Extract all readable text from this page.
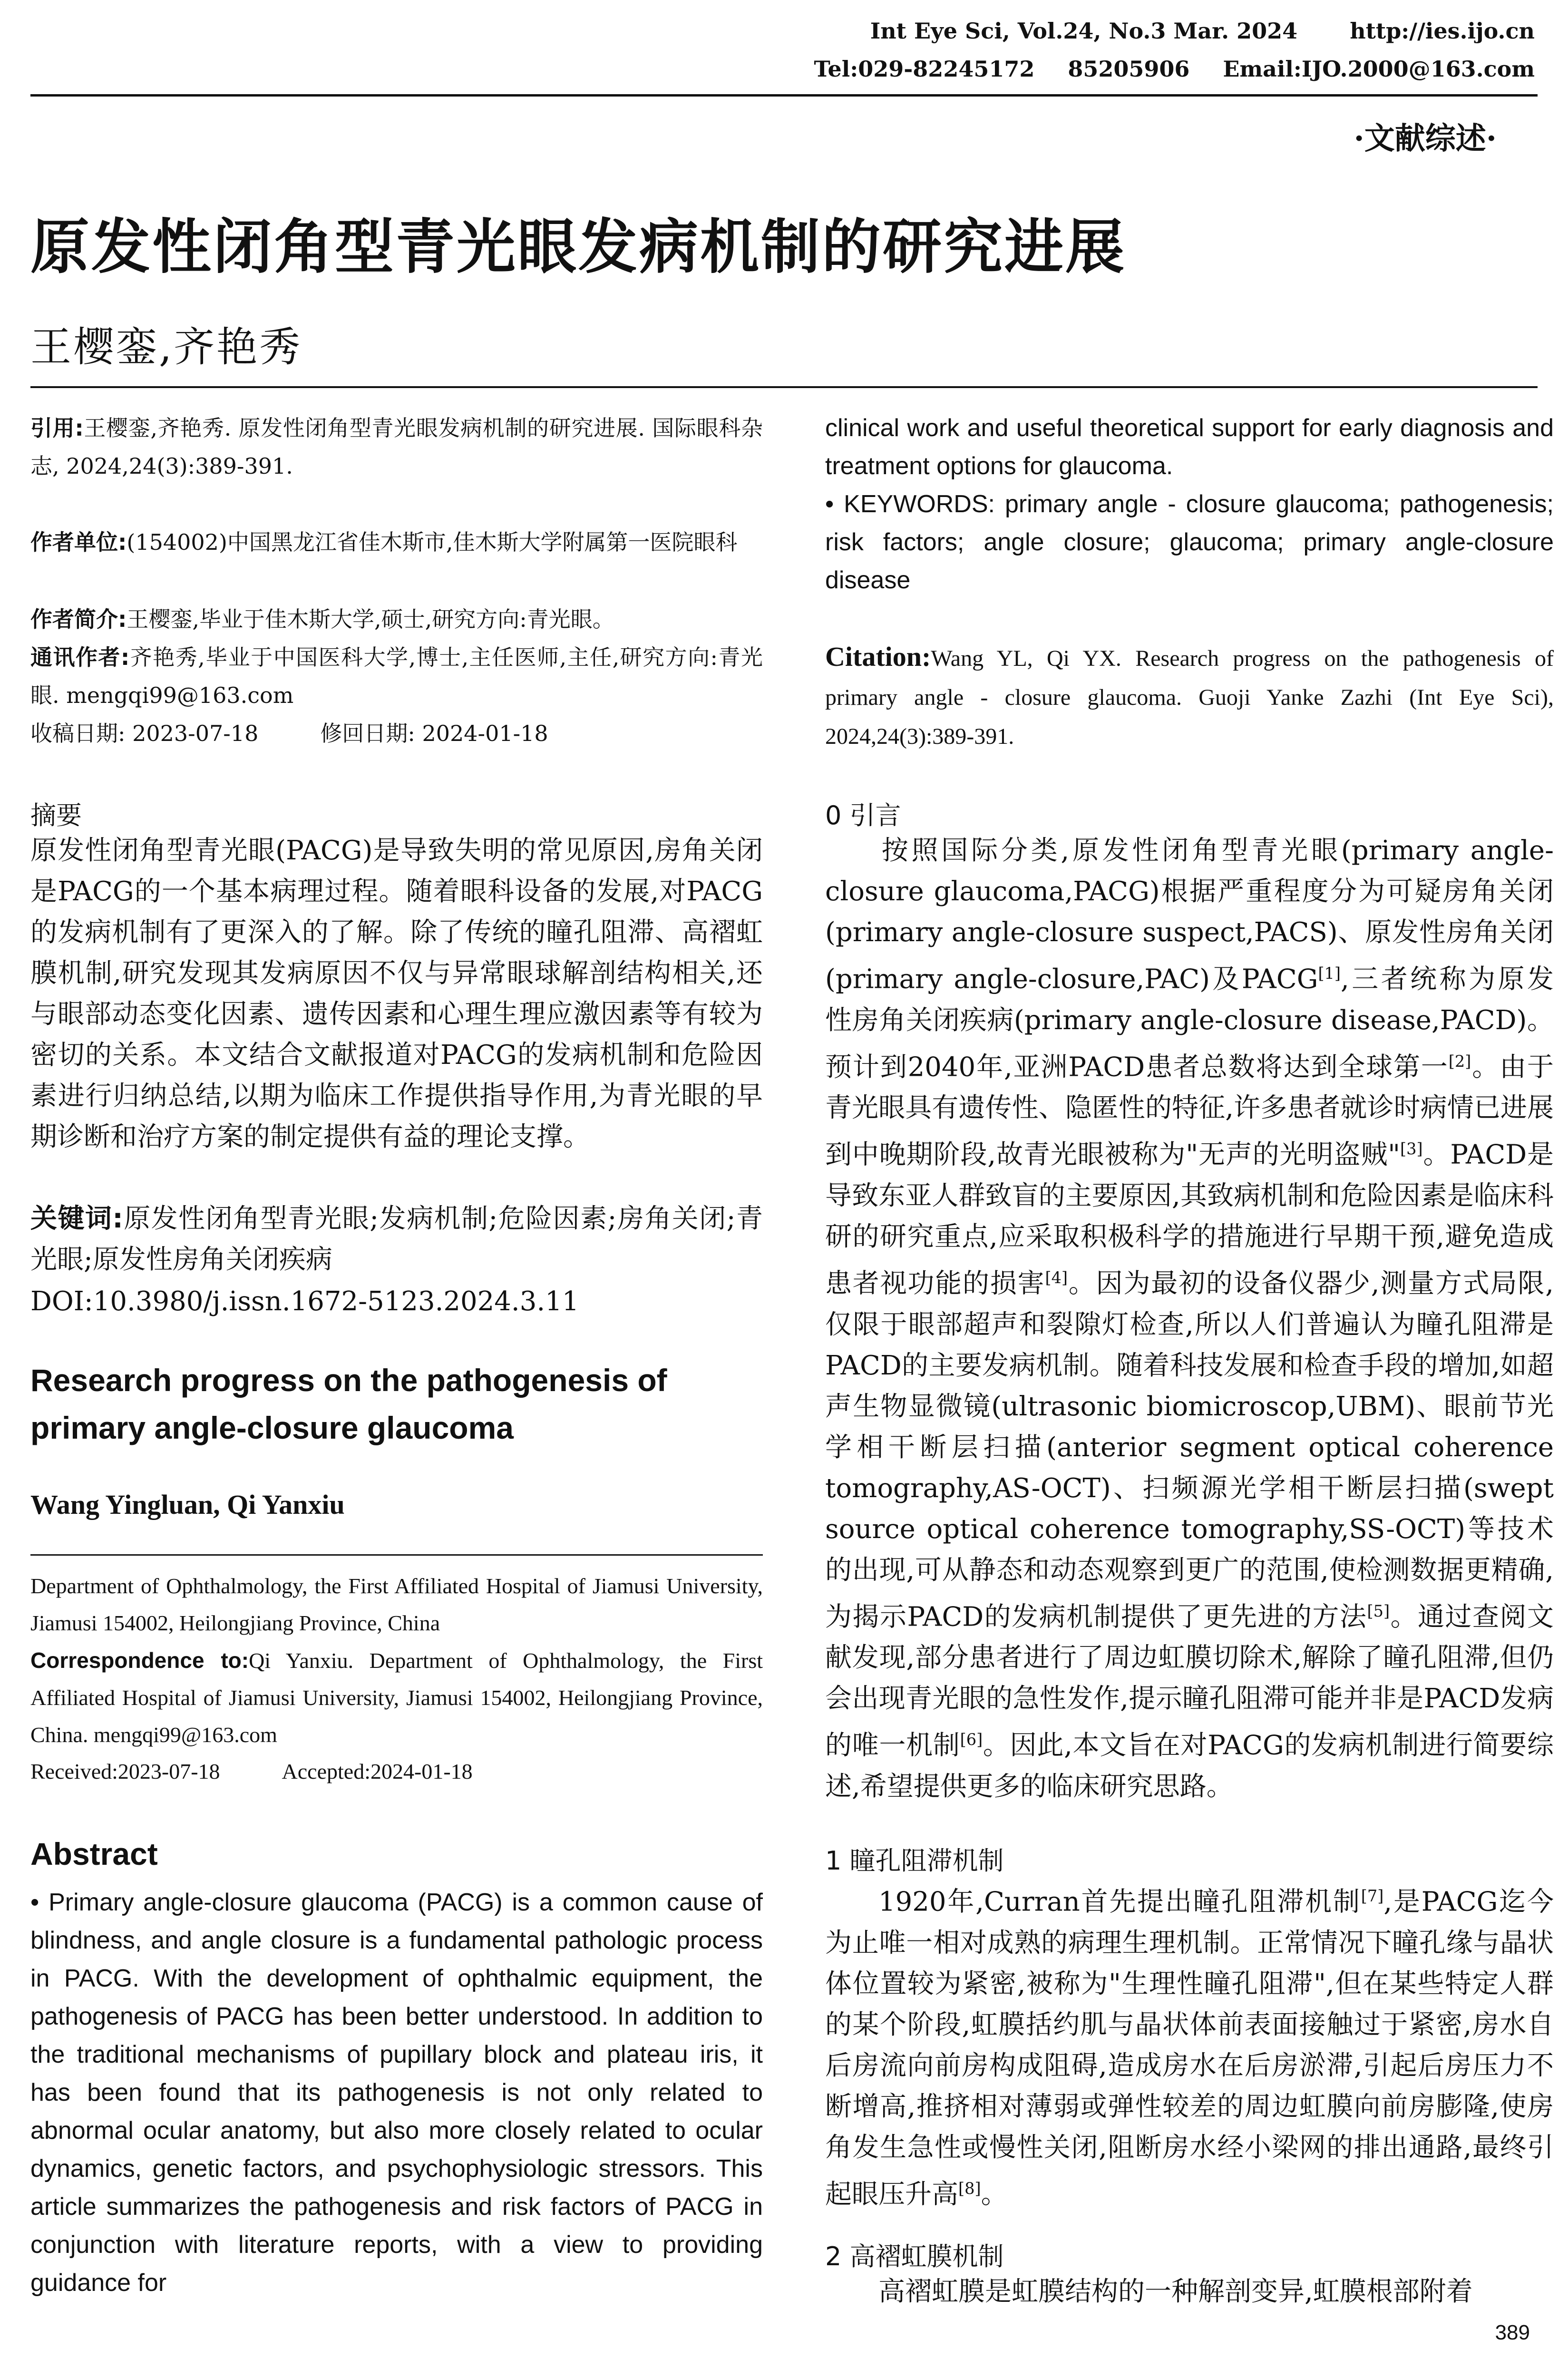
Int Eye Sci, Vol.24, No.3 Mar. 2024 http://ies.ijo.cn
Tel:029-82245172 85205906 Email:IJO.2000@163.com
·文献综述·
原发性闭角型青光眼发病机制的研究进展
王樱銮,齐艳秀
引用:王樱銮,齐艳秀. 原发性闭角型青光眼发病机制的研究进展. 国际眼科杂志, 2024,24(3):389-391.
作者单位:(154002)中国黑龙江省佳木斯市,佳木斯大学附属第一医院眼科
作者简介:王樱銮,毕业于佳木斯大学,硕士,研究方向:青光眼。
通讯作者:齐艳秀,毕业于中国医科大学,博士,主任医师,主任,研究方向:青光眼. mengqi99@163.com
收稿日期: 2023-07-18	修回日期: 2024-01-18
摘要
原发性闭角型青光眼(PACG)是导致失明的常见原因,房角关闭是PACG的一个基本病理过程。随着眼科设备的发展,对PACG的发病机制有了更深入的了解。除了传统的瞳孔阻滞、高褶虹膜机制,研究发现其发病原因不仅与异常眼球解剖结构相关,还与眼部动态变化因素、遗传因素和心理生理应激因素等有较为密切的关系。本文结合文献报道对PACG的发病机制和危险因素进行归纳总结,以期为临床工作提供指导作用,为青光眼的早期诊断和治疗方案的制定提供有益的理论支撑。
关键词:原发性闭角型青光眼;发病机制;危险因素;房角关闭;青光眼;原发性房角关闭疾病
DOI:10.3980/j.issn.1672-5123.2024.3.11
Research progress on the pathogenesis of primary angle-closure glaucoma
Wang Yingluan, Qi Yanxiu
Department of Ophthalmology, the First Affiliated Hospital of Jiamusi University, Jiamusi 154002, Heilongjiang Province, China
Correspondence to:Qi Yanxiu. Department of Ophthalmology, the First Affiliated Hospital of Jiamusi University, Jiamusi 154002, Heilongjiang Province, China. mengqi99@163.com
Received:2023-07-18	Accepted:2024-01-18
Abstract
• Primary angle-closure glaucoma (PACG) is a common cause of blindness, and angle closure is a fundamental pathologic process in PACG. With the development of ophthalmic equipment, the pathogenesis of PACG has been better understood. In addition to the traditional mechanisms of pupillary block and plateau iris, it has been found that its pathogenesis is not only related to abnormal ocular anatomy, but also more closely related to ocular dynamics, genetic factors, and psychophysiologic stressors. This article summarizes the pathogenesis and risk factors of PACG in conjunction with literature reports, with a view to providing guidance for
clinical work and useful theoretical support for early diagnosis and treatment options for glaucoma.
• KEYWORDS: primary angle - closure glaucoma; pathogenesis; risk factors; angle closure; glaucoma; primary angle-closure disease
Citation:Wang YL, Qi YX. Research progress on the pathogenesis of primary angle - closure glaucoma. Guoji Yanke Zazhi (Int Eye Sci), 2024,24(3):389-391.
0 引言
按照国际分类,原发性闭角型青光眼(primary angle-closure glaucoma,PACG)根据严重程度分为可疑房角关闭(primary angle-closure suspect,PACS)、原发性房角关闭(primary angle-closure,PAC)及PACG[1],三者统称为原发性房角关闭疾病(primary angle-closure disease,PACD)。预计到2040年,亚洲PACD患者总数将达到全球第一[2]。由于青光眼具有遗传性、隐匿性的特征,许多患者就诊时病情已进展到中晚期阶段,故青光眼被称为"无声的光明盗贼"[3]。PACD是导致东亚人群致盲的主要原因,其致病机制和危险因素是临床科研的研究重点,应采取积极科学的措施进行早期干预,避免造成患者视功能的损害[4]。因为最初的设备仪器少,测量方式局限,仅限于眼部超声和裂隙灯检查,所以人们普遍认为瞳孔阻滞是PACD的主要发病机制。随着科技发展和检查手段的增加,如超声生物显微镜(ultrasonic biomicroscop,UBM)、眼前节光学相干断层扫描(anterior segment optical coherence tomography,AS-OCT)、扫频源光学相干断层扫描(swept source optical coherence tomography,SS-OCT)等技术的出现,可从静态和动态观察到更广的范围,使检测数据更精确,为揭示PACD的发病机制提供了更先进的方法[5]。通过查阅文献发现,部分患者进行了周边虹膜切除术,解除了瞳孔阻滞,但仍会出现青光眼的急性发作,提示瞳孔阻滞可能并非是PACD发病的唯一机制[6]。因此,本文旨在对PACG的发病机制进行简要综述,希望提供更多的临床研究思路。
1 瞳孔阻滞机制
1920年,Curran首先提出瞳孔阻滞机制[7],是PACG迄今为止唯一相对成熟的病理生理机制。正常情况下瞳孔缘与晶状体位置较为紧密,被称为"生理性瞳孔阻滞",但在某些特定人群的某个阶段,虹膜括约肌与晶状体前表面接触过于紧密,房水自后房流向前房构成阻碍,造成房水在后房淤滞,引起后房压力不断增高,推挤相对薄弱或弹性较差的周边虹膜向前房膨隆,使房角发生急性或慢性关闭,阻断房水经小梁网的排出通路,最终引起眼压升高[8]。
2 高褶虹膜机制
高褶虹膜是虹膜结构的一种解剖变异,虹膜根部附着
389
